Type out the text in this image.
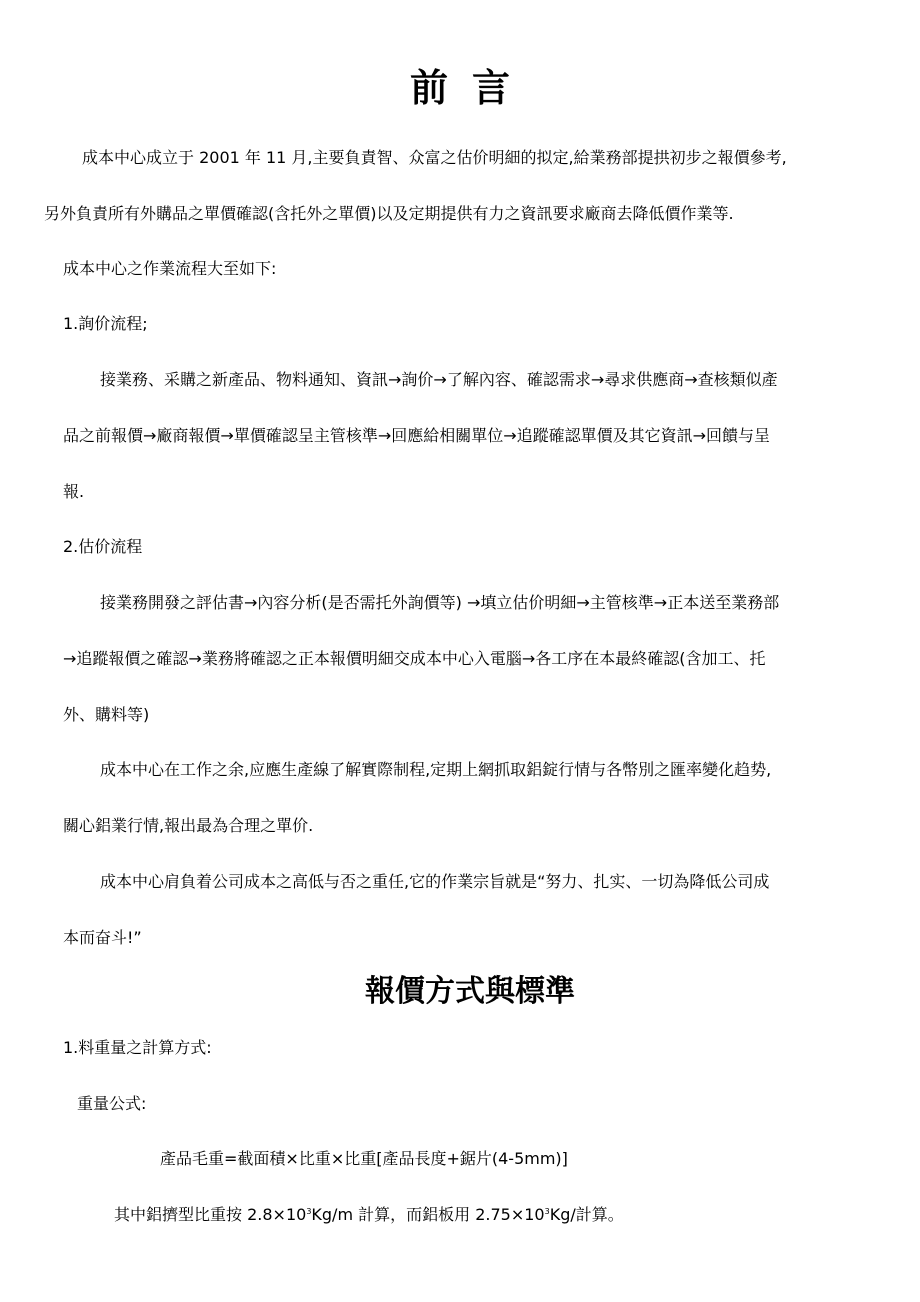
前言
成本中心成立于 2001 年 11 月,主要負責智、众富之估价明細的拟定,給業務部提拱初步之報價參考,
另外負責所有外購品之單價確認(含托外之單價)以及定期提供有力之資訊要求廠商去降低價作業等.
成本中心之作業流程大至如下:
1.詢价流程;
接業務、采購之新產品、物料通知、資訊→詢价→了解內容、確認需求→尋求供應商→查核類似產
品之前報價→廠商報價→單價確認呈主管核準→回應給相關單位→追蹤確認單價及其它資訊→回饋与呈
報.
2.估价流程
接業務開發之評估書→內容分析(是否需托外詢價等) →填立估价明細→主管核準→正本送至業務部
→追蹤報價之確認→業務將確認之正本報價明細交成本中心入電腦→各工序在本最終確認(含加工、托
外、購料等)
成本中心在工作之余,应應生產線了解實際制程,定期上網抓取鋁錠行情与各幣別之匯率變化趋势,
關心鋁業行情,報出最為合理之單价.
成本中心肩負着公司成本之高低与否之重任,它的作業宗旨就是“努力、扎实、一切為降低公司成
本而奋斗!”
報價方式與標準
1.料重量之計算方式:
重量公式:
產品毛重=截面積×比重×比重[產品長度+鋸片(4-5mm)]
其中鋁擠型比重按 $2.8\times 10^3Kg/m$ 計算，而鋁板用 $2.75\times 10^3Kg/$計算。
